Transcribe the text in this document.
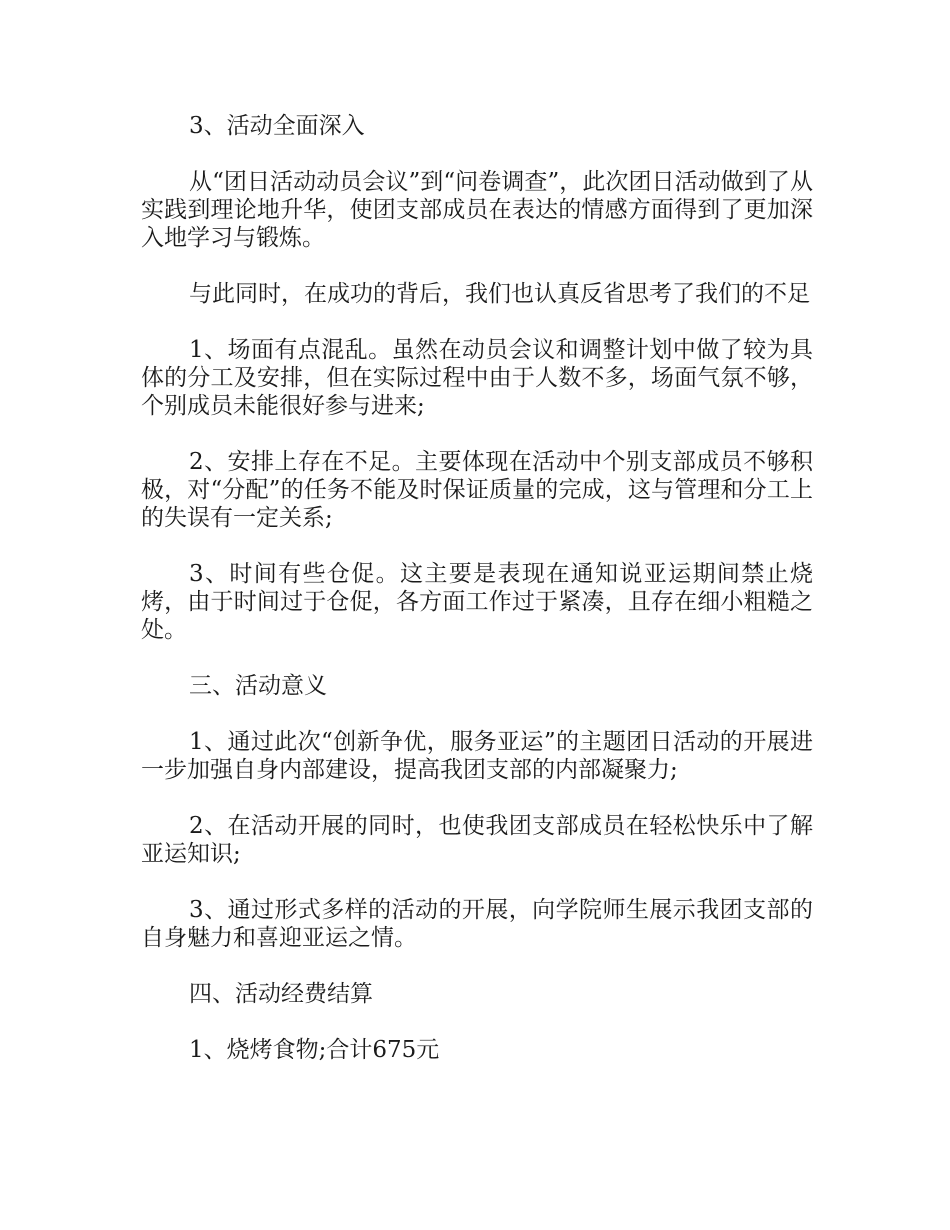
3、活动全面深入

从“团日活动动员会议”到“问卷调查”，此次团日活动做到了从实践到理论地升华，使团支部成员在表达的情感方面得到了更加深入地学习与锻炼。

与此同时，在成功的背后，我们也认真反省思考了我们的不足

1、场面有点混乱。虽然在动员会议和调整计划中做了较为具体的分工及安排，但在实际过程中由于人数不多，场面气氛不够，个别成员未能很好参与进来;

2、安排上存在不足。主要体现在活动中个别支部成员不够积极，对“分配”的任务不能及时保证质量的完成，这与管理和分工上的失误有一定关系;

3、时间有些仓促。这主要是表现在通知说亚运期间禁止烧烤，由于时间过于仓促，各方面工作过于紧凑，且存在细小粗糙之处。

三、活动意义

1、通过此次“创新争优，服务亚运”的主题团日活动的开展进一步加强自身内部建设，提高我团支部的内部凝聚力;

2、在活动开展的同时，也使我团支部成员在轻松快乐中了解亚运知识;

3、通过形式多样的活动的开展，向学院师生展示我团支部的自身魅力和喜迎亚运之情。

四、活动经费结算

1、烧烤食物;合计675元
